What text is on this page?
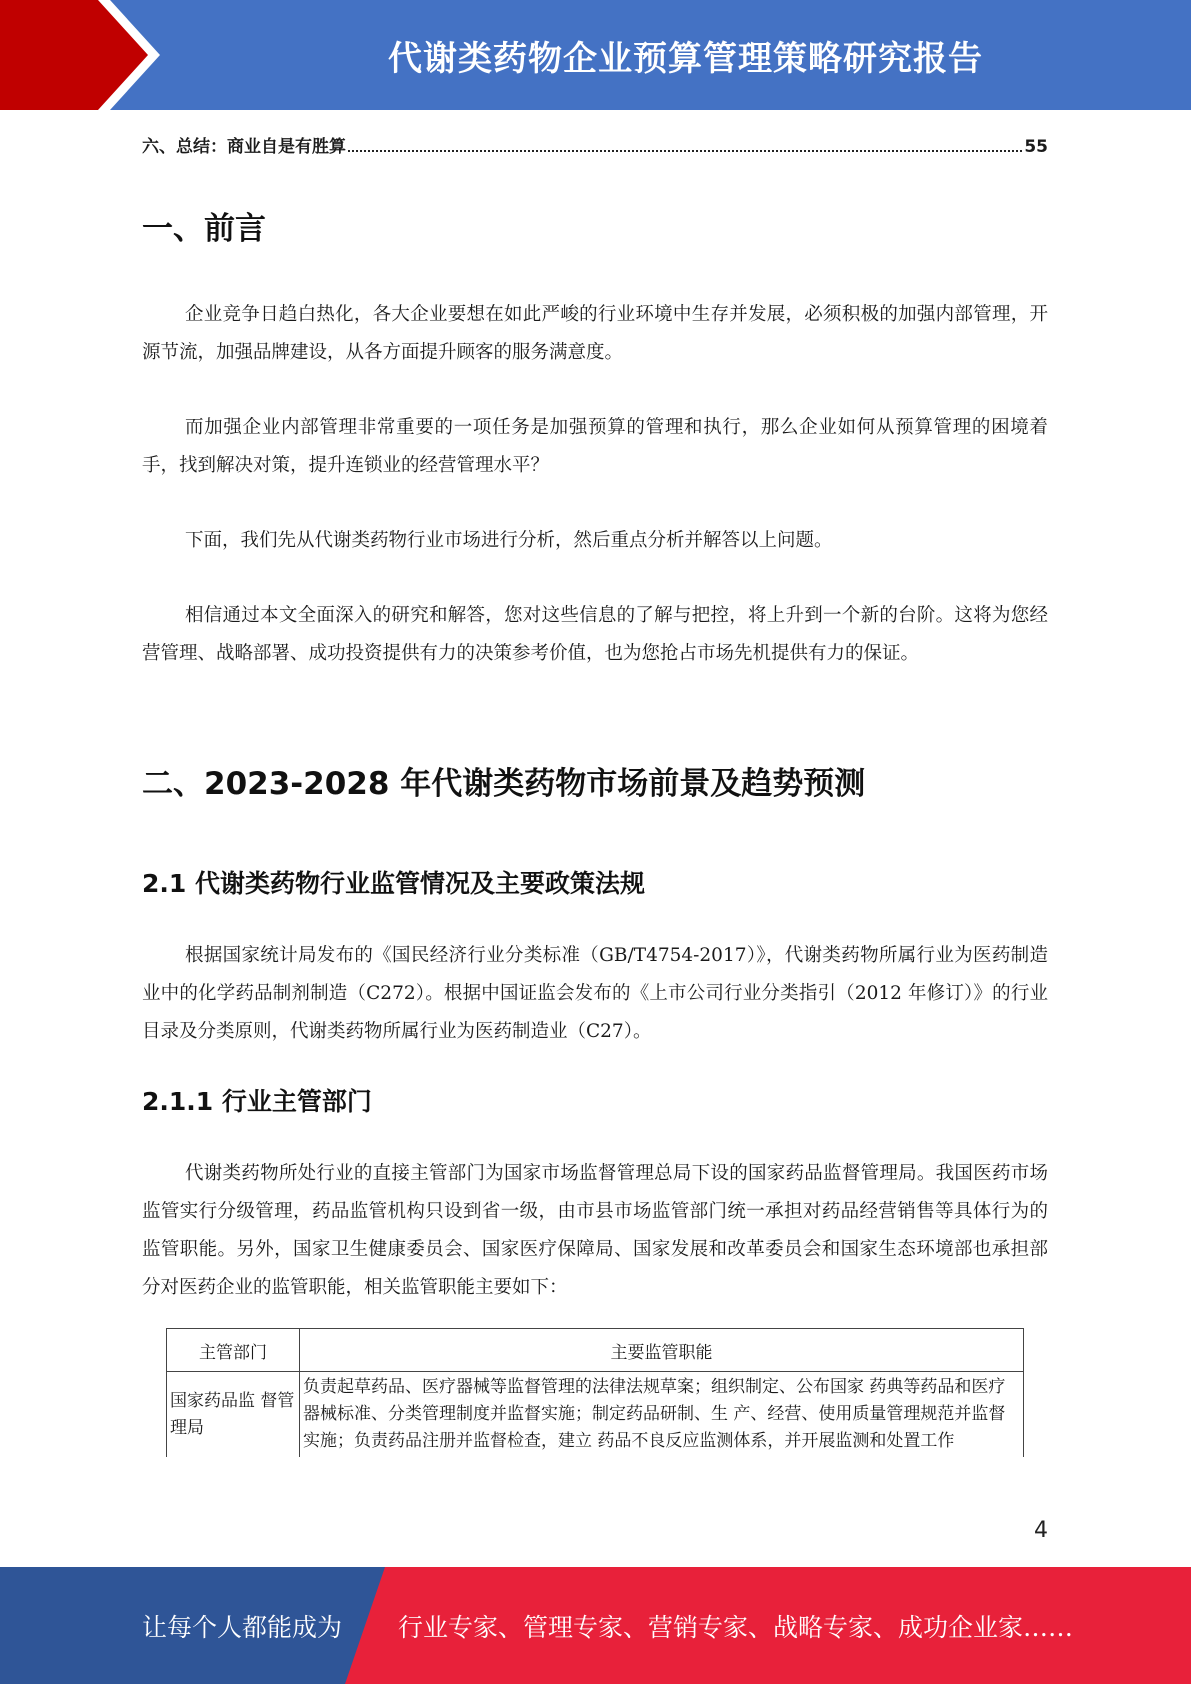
代谢类药物企业预算管理策略研究报告
六、总结：商业自是有胜算	55
一、前言

企业竞争日趋白热化，各大企业要想在如此严峻的行业环境中生存并发展，必须积极的加强内部管理，开源节流，加强品牌建设，从各方面提升顾客的服务满意度。

而加强企业内部管理非常重要的一项任务是加强预算的管理和执行，那么企业如何从预算管理的困境着手，找到解决对策，提升连锁业的经营管理水平？

下面，我们先从代谢类药物行业市场进行分析，然后重点分析并解答以上问题。

相信通过本文全面深入的研究和解答，您对这些信息的了解与把控，将上升到一个新的台阶。这将为您经营管理、战略部署、成功投资提供有力的决策参考价值，也为您抢占市场先机提供有力的保证。

二、2023-2028 年代谢类药物市场前景及趋势预测
2.1 代谢类药物行业监管情况及主要政策法规

根据国家统计局发布的《国民经济行业分类标准（GB/T4754-2017）》，代谢类药物所属行业为医药制造业中的化学药品制剂制造（C272）。根据中国证监会发布的《上市公司行业分类指引（2012 年修订）》的行业目录及分类原则，代谢类药物所属行业为医药制造业（C27）。

2.1.1 行业主管部门

代谢类药物所处行业的直接主管部门为国家市场监督管理总局下设的国家药品监督管理局。我国医药市场监管实行分级管理，药品监管机构只设到省一级，由市县市场监管部门统一承担对药品经营销售等具体行为的监管职能。另外，国家卫生健康委员会、国家医疗保障局、国家发展和改革委员会和国家生态环境部也承担部分对医药企业的监管职能，相关监管职能主要如下：

主管部门	主要监管职能
国家药品监 督管理局	负责起草药品、医疗器械等监督管理的法律法规草案；组织制定、公布国家 药典等药品和医疗器械标准、分类管理制度并监督实施；制定药品研制、生 产、经营、使用质量管理规范并监督实施；负责药品注册并监督检查，建立 药品不良反应监测体系，并开展监测和处置工作
4
让每个人都能成为 行业专家、管理专家、营销专家、战略专家、成功企业家……
